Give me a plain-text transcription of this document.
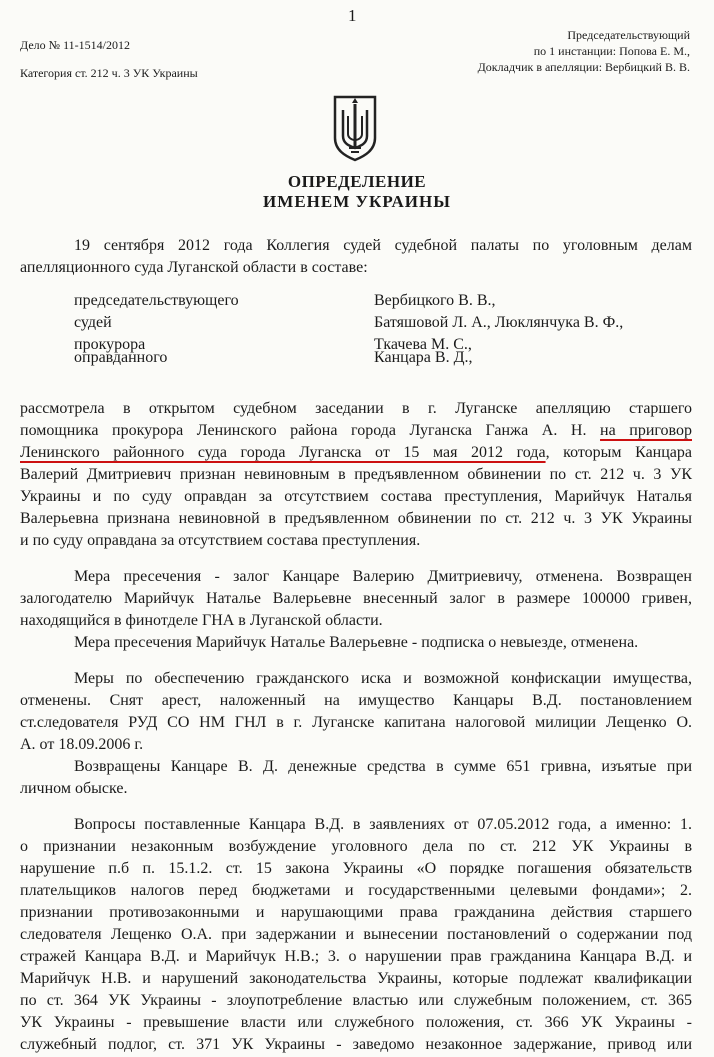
1
Дело № 11-1514/2012
Категория ст. 212 ч. 3 УК Украины
Председательствующий
по 1 инстанции: Попова Е. М.,
Докладчик в апелляции: Вербицкий В. В.
ОПРЕДЕЛЕНИЕ
ИМЕНЕМ УКРАИНЫ
19 сентября 2012 года Коллегия судей судебной палаты по уголовным делам
апелляционного суда Луганской области в составе:
председательствующего	Вербицкого В. В.,
судей	Батяшовой Л. А., Люклянчука В. Ф.,
прокурора	Ткачева М. С.,
оправданного	Канцара В. Д.,
рассмотрела в открытом судебном заседании в г. Луганске апелляцию старшего
помощника прокурора Ленинского района города Луганска Ганжа А. Н. на приговор
Ленинского районного суда города Луганска от 15 мая 2012 года, которым Канцара
Валерий Дмитриевич признан невиновным в предъявленном обвинении по ст. 212 ч. 3 УК
Украины и по суду оправдан за отсутствием состава преступления, Марийчук Наталья
Валерьевна признана невиновной в предъявленном обвинении по ст. 212 ч. 3 УК Украины
и по суду оправдана за отсутствием состава преступления.
Мера пресечения - залог Канцаре Валерию Дмитриевичу, отменена. Возвращен
залогодателю Марийчук Наталье Валерьевне внесенный залог в размере 100000 гривен,
находящийся в финотделе ГНА в Луганской области.
Мера пресечения Марийчук Наталье Валерьевне - подписка о невыезде, отменена.
Меры по обеспечению гражданского иска и возможной конфискации имущества,
отменены. Снят арест, наложенный на имущество Канцары В.Д. постановлением
ст.следователя РУД СО НМ ГНЛ в г. Луганске капитана налоговой милиции Лещенко О.
А. от 18.09.2006 г.
Возвращены Канцаре В. Д. денежные средства в сумме 651 гривна, изъятые при
личном обыске.
Вопросы поставленные Канцара В.Д. в заявлениях от 07.05.2012 года, а именно: 1.
о признании незаконным возбуждение уголовного дела по ст. 212 УК Украины в
нарушение п.б п. 15.1.2. ст. 15 закона Украины «О порядке погашения обязательств
плательщиков налогов перед бюджетами и государственными целевыми фондами»; 2.
признании противозаконными и нарушающими права гражданина действия старшего
следователя Лещенко О.А. при задержании и вынесении постановлений о содержании под
стражей Канцара В.Д. и Марийчук Н.В.; 3. о нарушении прав гражданина Канцара В.Д. и
Марийчук Н.В. и нарушений законодательства Украины, которые подлежат квалификации
по ст. 364 УК Украины - злоупотребление властью или служебным положением, ст. 365
УК Украины - превышение власти или служебного положения, ст. 366 УК Украины -
служебный подлог, ст. 371 УК Украины - заведомо незаконное задержание, привод или
